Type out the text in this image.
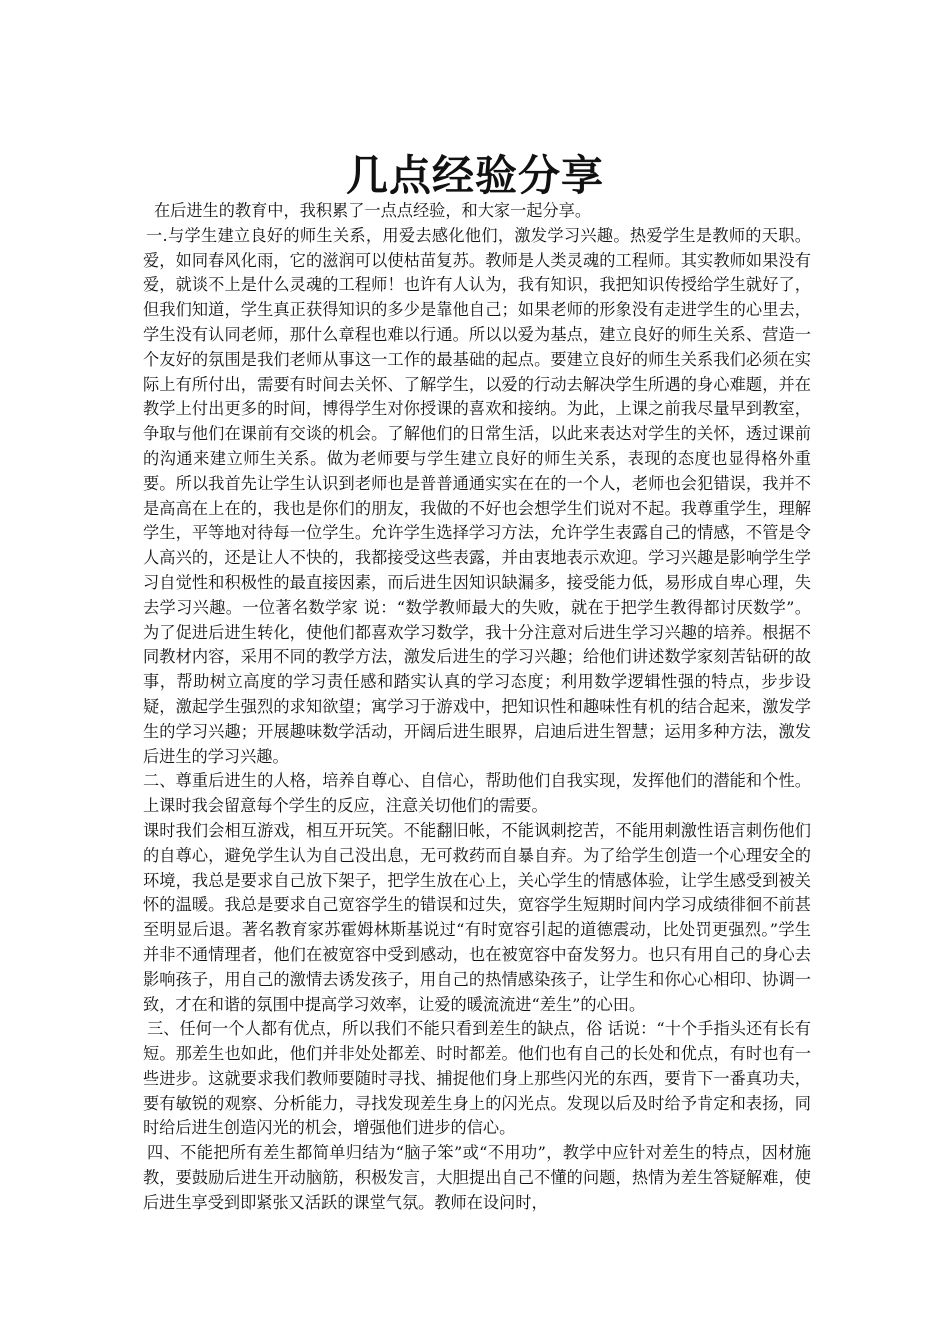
几点经验分享

在后进生的教育中，我积累了一点点经验，和大家一起分享。

一.与学生建立良好的师生关系，用爱去感化他们，激发学习兴趣。热爱学生是教师的天职。爱，如同春风化雨，它的滋润可以使枯苗复苏。教师是人类灵魂的工程师。其实教师如果没有爱，就谈不上是什么灵魂的工程师！也许有人认为，我有知识，我把知识传授给学生就好了，但我们知道，学生真正获得知识的多少是靠他自己；如果老师的形象没有走进学生的心里去，学生没有认同老师，那什么章程也难以行通。所以以爱为基点，建立良好的师生关系、营造一个友好的氛围是我们老师从事这一工作的最基础的起点。要建立良好的师生关系我们必须在实际上有所付出，需要有时间去关怀、了解学生，以爱的行动去解决学生所遇的身心难题，并在教学上付出更多的时间，博得学生对你授课的喜欢和接纳。为此，上课之前我尽量早到教室，争取与他们在课前有交谈的机会。了解他们的日常生活，以此来表达对学生的关怀，透过课前的沟通来建立师生关系。做为老师要与学生建立良好的师生关系，表现的态度也显得格外重要。所以我首先让学生认识到老师也是普普通通实实在在的一个人，老师也会犯错误，我并不是高高在上在的，我也是你们的朋友，我做的不好也会想学生们说对不起。我尊重学生，理解学生，平等地对待每一位学生。允许学生选择学习方法，允许学生表露自己的情感，不管是令人高兴的，还是让人不快的，我都接受这些表露，并由衷地表示欢迎。学习兴趣是影响学生学习自觉性和积极性的最直接因素，而后进生因知识缺漏多，接受能力低，易形成自卑心理，失去学习兴趣。一位著名数学家 说：“数学教师最大的失败，就在于把学生教得都讨厌数学”。为了促进后进生转化，使他们都喜欢学习数学，我十分注意对后进生学习兴趣的培养。根据不同教材内容，采用不同的教学方法，激发后进生的学习兴趣；给他们讲述数学家刻苦钻研的故事，帮助树立高度的学习责任感和踏实认真的学习态度；利用数学逻辑性强的特点，步步设疑，激起学生强烈的求知欲望；寓学习于游戏中，把知识性和趣味性有机的结合起来，激发学生的学习兴趣；开展趣味数学活动，开阔后进生眼界，启迪后进生智慧；运用多种方法，激发后进生的学习兴趣。

二、尊重后进生的人格，培养自尊心、自信心，帮助他们自我实现，发挥他们的潜能和个性。上课时我会留意每个学生的反应，注意关切他们的需要。

课时我们会相互游戏，相互开玩笑。不能翻旧帐，不能讽刺挖苦，不能用刺激性语言刺伤他们的自尊心，避免学生认为自己没出息，无可救药而自暴自弃。为了给学生创造一个心理安全的环境，我总是要求自己放下架子，把学生放在心上，关心学生的情感体验，让学生感受到被关怀的温暖。我总是要求自己宽容学生的错误和过失，宽容学生短期时间内学习成绩徘徊不前甚至明显后退。著名教育家苏霍姆林斯基说过“有时宽容引起的道德震动，比处罚更强烈。”学生并非不通情理者，他们在被宽容中受到感动，也在被宽容中奋发努力。也只有用自己的身心去影响孩子，用自己的激情去诱发孩子，用自己的热情感染孩子，让学生和你心心相印、协调一致，才在和谐的氛围中提高学习效率，让爱的暖流流进“差生”的心田。

三、任何一个人都有优点，所以我们不能只看到差生的缺点，俗 话说：“十个手指头还有长有短。那差生也如此，他们并非处处都差、时时都差。他们也有自己的长处和优点，有时也有一些进步。这就要求我们教师要随时寻找、捕捉他们身上那些闪光的东西，要肯下一番真功夫，要有敏锐的观察、分析能力，寻找发现差生身上的闪光点。发现以后及时给予肯定和表扬，同时给后进生创造闪光的机会，增强他们进步的信心。

四、不能把所有差生都简单归结为“脑子笨”或“不用功”，教学中应针对差生的特点，因材施教，要鼓励后进生开动脑筋，积极发言，大胆提出自己不懂的问题，热情为差生答疑解难，使后进生享受到即紧张又活跃的课堂气氛。教师在设问时，
